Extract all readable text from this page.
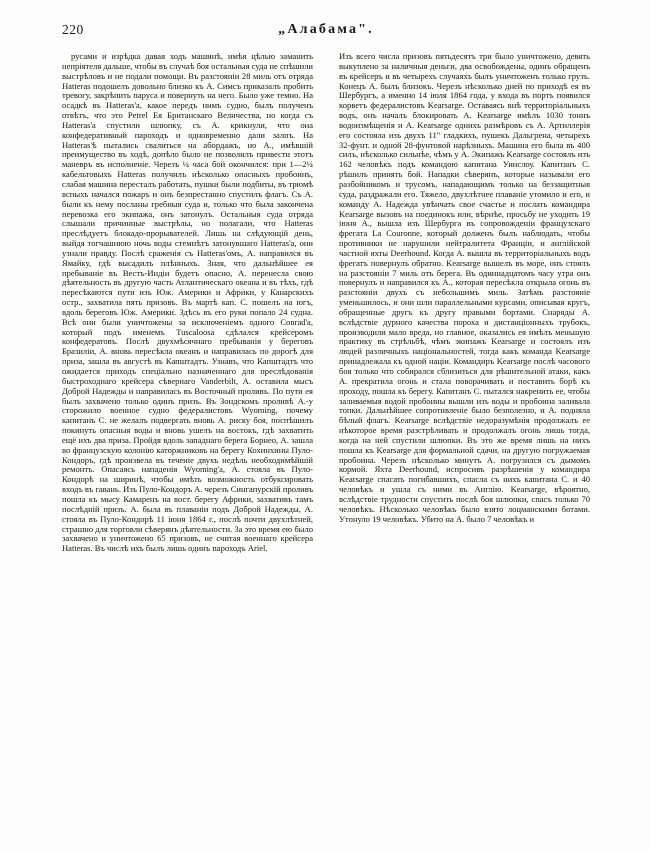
220	„Алабама".

русами и изрѣдка давая ходъ машинѣ, имѣя цѣлью заманить непріятеля дальше, чтобы въ случаѣ боя остальныя суда не спѣшили выстрѣловъ и не подали помощи. Въ разстояніи 28 миль отъ отряда Hatteras подошелъ довольно близко къ A. Симсъ приказалъ пробить тревогу, закрѣпить паруса и повернуть на него. Было уже темно. На осадкѣ въ Hatteras'а, какое передъ нимъ судно, былъ полученъ отвѣтъ, что это Petrel Ея Британскаго Величества, но когда съ Hatteras'а спустили шлюпку, съ A. крикнули, что она конфедеративный пароходъ и одновременно дали залпъ. На Hatteras'ѣ пытались свалиться на абордажъ, но A., имѣвшій преимущество въ ходѣ, допѣло было не позволилъ привести этотъ маневръ въ исполненіе. Черезъ ¼ часа бой окончился: при 1—2¼ кабельтовыхъ Hatteras получилъ нѣсколько опасныхъ пробоинъ, слабая машина пересталъ работать, пушки были подбиты, въ трюмѣ вспыхъ начался пожаръ и онъ безпрестанно спустилъ флагъ. Съ A. были къ нему посланы гребныя суда и, только что была закончена перевозка его экипажа, онъ затонулъ. Остальныя суда отряда слышали причинные выстрѣлы, но полагали, что Hatteras преслѣдуетъ блокадо-прорывателей. Лишь на слѣдующій день, выйдя тогчашнюю ночь воды стемнѣтъ затонувшаго Hatteras'а, они узнали правду. Послѣ сраженія съ Hatteras'омъ, A. направился въ Ямайку, гдѣ высадилъ плѣнныхъ. Зная, что дальнѣйшее ея пребываніе въ Вестъ-Индіи будетъ опасно, A. перенесла свою дѣятельность въ другую часть Атлантическаго океана и въ тѣхъ, гдѣ пересѣкаются пути изъ Юж. Америки и Африки, у Канарскихъ остр., захватила пять призовъ. Въ мартѣ кап. C. пошелъ на югъ, вдоль береговъ Юж. Америки. Здѣсь въ его руки попало 24 судна. Всѣ они были уничтожены за исключеніемъ одного Conrad'а, который подъ именемъ Tuscaloosa сдѣлался крейсеромъ конфедератовъ. Послѣ двухмѣсячнаго пребыванія у береговъ Бразиліи, A. вновь пересѣкла океанъ и направилась по дорогѣ для приза, зашла въ августѣ въ Капштадтъ. Узнавъ, что Капштадтъ что ожидается приходъ спеціально назначеннаго для преслѣдованія быстроходнаго крейсера сѣвернаго Vanderbilt, A. оставила мысъ Доброй Надежды и направилась въ Восточный проливъ. По пути ея былъ захвачено только одинъ призъ. Въ Зондскомъ проливѣ A.-у сторожило военное судно федералистовъ Wyoming, почему капитанъ C. не желалъ подвергать вновь A. риску боя, поспѣшилъ покинуть опасныя воды и вновь ушелъ на востокъ, гдѣ захватить ещё ихъ два приза. Пройдя вдоль западнаго берега Борнео, A. зашла во французскую колонію каторжниковъ на берегу Кохинхины Пуло-Кондоръ, гдѣ произвела въ теченіе двухъ недѣль необходимѣйшій ремонтъ. Опасаясь нападенія Wyoming'а, A. стояла въ Пуло-Кондорѣ на ширинѣ, чтобы имѣть возможность отбуксировать входъ въ гавань. Изъ Пуло-Кондоръ A. черезъ Сингапурскій проливъ пошла къ мысу Камаренъ на вост. берегу Африки, захвативъ тамъ послѣдній призъ. A. была въ плаваніи подъ Доброй Надежды, A. стояла въ Пуло-Кондорѣ 11 іюня 1864 г., послѣ почти двухлѣтней, страшно для торговли сѣверянъ дѣятельности. За это время ею было захвачено и уничтожено 65 призовъ, не считая военнаго крейсера Hatteras. Въ числѣ ихъ былъ лишь одинъ пароходъ Ariel.

Изъ всего числа призовъ пятьдесятъ три было уничтожено, девять выкуплено за наличныя деньги, два освобождены, одинъ обращенъ въ крейсеръ и въ четырехъ случаяхъ былъ уничтоженъ только грузъ. Конецъ A. былъ близокъ. Черезъ нѣсколько дней по приходѣ ея въ Шербургъ, а именно 14 іюля 1864 года, у входа въ портъ появился корветъ федералистовъ Kearsarge. Оставаясь внѣ территоріальныхъ водъ, онъ началъ блокировать A. Kearsarge имѣлъ 1030 тоннъ водоизмѣщенія и A. Kearsarge однихъ размѣровъ съ A. Артиллерія его состояла изъ двухъ 11" гладкихъ, пушекъ Дальгрена, четырехъ 32-фунт. и одной 28-фунтовой нарѣзныхъ. Машина его была въ 400 силъ, нѣсколько сильнѣе, чѣмъ у A. Экипажъ Kearsarge состоялъ изъ 162 человѣкъ подъ командою капитана Уинслоу. Капитанъ C. рѣшилъ принять бой. Нападки сѣверянъ, которые называли его разбойникомъ и трусомъ, нападающимъ только на беззащитныя суда, раздражали его. Тяжело, двухлѣтнее плаваніе утомило и его, и команду A. Надежда увѣнчать свое счастье и послать командира Kearsarge вызовъ на поединокъ или, вѣрнѣе, просьбу не уходить 19 іюня A., вышла изъ Шербурга въ сопровожденіи французскаго фрегата La Couronne, который долженъ былъ наблюдать, чтобы противники не нарушили нейтралитета Франціи, и англійской частной яхты Deerhound. Когда A. вышла въ территоріальныхъ водъ фрегатъ повернулъ обратно. Kearsarge вышелъ въ море, онъ стоялъ на разстояніи 7 миль отъ берега. Въ одиннадцатомъ часу утра онъ повернулъ и направился къ A., которая пересѣкла открыла огонь въ разстояніи двухъ съ небольшимъ миль. Затѣмъ разстояніе уменьшилось, и они шли параллельными курсами, описывая кругъ, обращенные другъ къ другу правыми бортами. Снаряды A. вслѣдствіе дурного качества пороха и дистанціонныхъ трубокъ, производили мало вреда, но главное, оказались ея имѣлъ меньшую практику въ стрѣльбѣ, чѣмъ экипажъ Kearsarge и состоялъ изъ людей различныхъ національностей, тогда какъ команда Kearsarge принадлежала къ одной націи. Командиръ Kearsarge послѣ часового боя только что собирался сблизиться для рѣшительной атаки, какъ A. прекратила огонь и стала поворачивать и поставить борѣ къ проходу, пошла къ берегу. Капитанъ C. пытался накренить ее, чтобы заливаемыя водой пробоины вышли изъ воды и пробоина заливала топки. Дальнѣйшее сопротивленіе было безполезно, и A. подняла бѣлый флагъ. Kearsarge вслѣдствіе недоразумѣнія продолжалъ ее нѣкоторое время разстрѣливать и продолжалъ огонь лишь тогда, когда на ней спустили шлюпки. Въ это же время лишь на нихъ пошла къ Kearsarge для формальной сдачи, на другую погружаемая пробоина. Черезъ нѣсколько минутъ A. погрузился съ дымомъ кормой. Яхта Deerhound, испросивъ разрѣшенія у командира Kearsarge спасать погибавшихъ, спасла съ нихъ капитана C. и 40 человѣкъ и ушла съ ними въ Англію. Kearsarge, вѣроятно, вслѣдствіе трудности спустить послѣ боя шлюпки, спасъ только 70 человѣкъ. Нѣсколько человѣкъ было взято лоцманскими ботами. Утонуло 19 человѣкъ. Убито на A. было 7 человѣкъ и
